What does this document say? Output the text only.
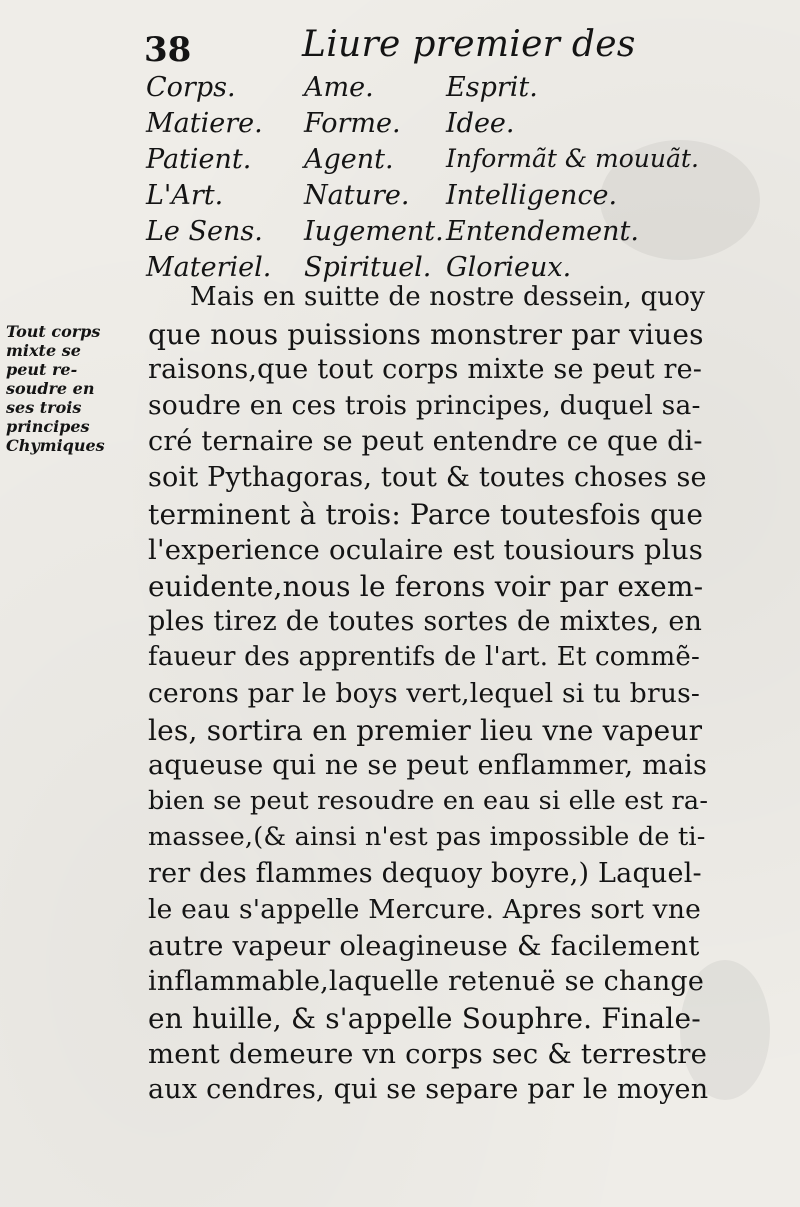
38	Liure premier des
Corps.	Ame.	Esprit.
Matiere. Forme. Idee.
Patient. Agent. Informãt & mouuãt.
L'Art.	Nature. Intelligence.
Le Sens. Iugement. Entendement.
Materiel. Spirituel. Glorieux.
Tout corps
mixte se
peut re-
soudre en
ses trois
principes
Chymiques
Mais en suitte de nostre dessein, quoy
que nous puissions monstrer par viues
raisons,que tout corps mixte se peut re-
soudre en ces trois principes, duquel sa-
cré ternaire se peut entendre ce que di-
soit Pythagoras, tout & toutes choses se
terminent à trois: Parce toutesfois que
l'experience oculaire est tousiours plus
euidente,nous le ferons voir par exem-
ples tirez de toutes sortes de mixtes, en
faueur des apprentifs de l'art. Et commẽ-
cerons par le boys vert,lequel si tu brus-
les, sortira en premier lieu vne vapeur
aqueuse qui ne se peut enflammer, mais
bien se peut resoudre en eau si elle est ra-
massee,(& ainsi n'est pas impossible de ti-
rer des flammes dequoy boyre,) Laquel-
le eau s'appelle Mercure. Apres sort vne
autre vapeur oleagineuse & facilement
inflammable,laquelle retenuë se change
en huille, & s'appelle Souphre. Finale-
ment demeure vn corps sec & terrestre
aux cendres, qui se separe par le moyen
